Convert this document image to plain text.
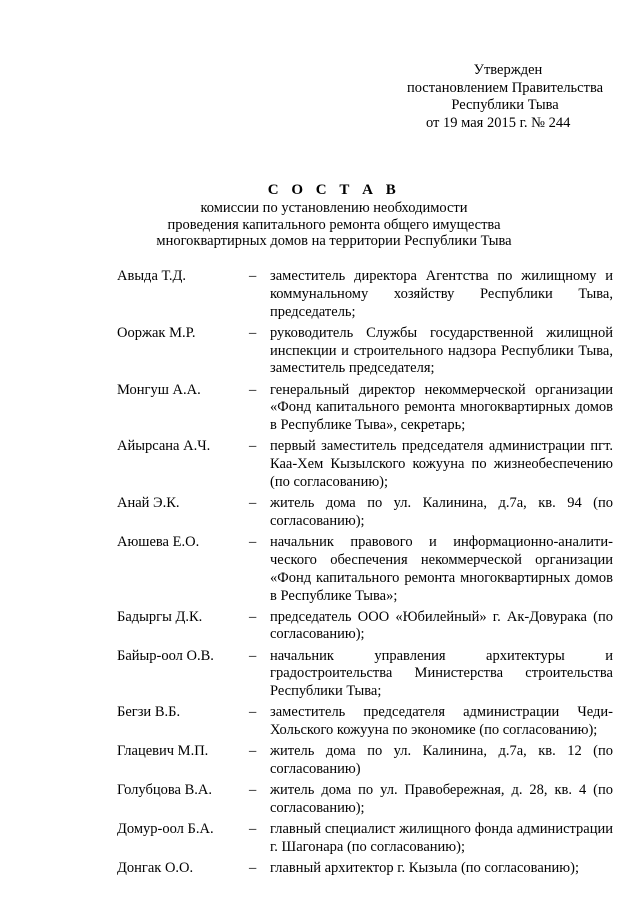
Утвержден
постановлением Правительства
Республики Тыва
от 19 мая 2015 г. № 244
С О С Т А В
комиссии по установлению необходимости
проведения капитального ремонта общего имущества
многоквартирных домов на территории Республики Тыва
Авыда Т.Д.	– заместитель директора Агентства по жилищному и коммунальному хозяйству Республики Тыва, председатель;
Ооржак М.Р.	– руководитель Службы государственной жилищной инспекции и строительного надзора Республики Тыва, заместитель председателя;
Монгуш А.А.	– генеральный директор некоммерческой организации «Фонд капитального ремонта многоквартирных домов в Республике Тыва», секретарь;
Айырсана А.Ч.	– первый заместитель председателя администрации пгт. Каа-Хем Кызылского кожууна по жизнеобеспечению (по согласованию);
Анай Э.К.	– житель дома по ул. Калинина, д.7а, кв. 94 (по согласованию);
Аюшева Е.О.	– начальник правового и информационно-аналити-ческого обеспечения некоммерческой организации «Фонд капитального ремонта многоквартирных домов в Республике Тыва»;
Бадыргы Д.К.	– председатель ООО «Юбилейный» г. Ак-Довурака (по согласованию);
Байыр-оол О.В.	– начальник управления архитектуры и градостроительства Министерства строительства Республики Тыва;
Бегзи В.Б.	– заместитель председателя администрации Чеди-Хольского кожууна по экономике (по согласованию);
Глацевич М.П.	– житель дома по ул. Калинина, д.7а, кв. 12 (по согласованию)
Голубцова В.А.	– житель дома по ул. Правобережная, д. 28, кв. 4 (по согласованию);
Домур-оол Б.А.	– главный специалист жилищного фонда администрации г. Шагонара (по согласованию);
Донгак О.О.	– главный архитектор г. Кызыла (по согласованию);
